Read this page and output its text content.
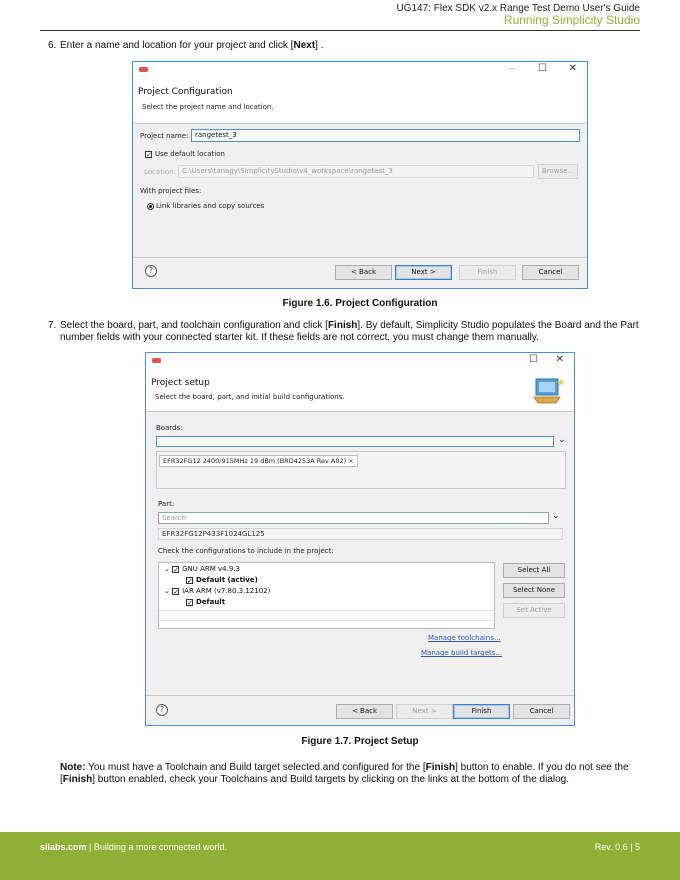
UG147: Flex SDK v2.x Range Test Demo User's Guide
Running Simplicity Studio
6. Enter a name and location for your project and click [Next] .
— ☐ ✕
Project Configuration
Select the project name and location.
Project name: rangetest_3
✓ Use default location
Location: C:\Users\tanagy\SimplicityStudio\v4_workspace\rangetest_3	Browse...
With project files:
Link libraries and copy sources
?	< Back	Next >	Finish	Cancel
Figure 1.6. Project Configuration
7. Select the board, part, and toolchain configuration and click [Finish]. By default, Simplicity Studio populates the Board and the Part number fields with your connected starter kit. If these fields are not correct, you must change them manually.
☐ ✕
Project setup
Select the board, part, and initial build configurations.
Boards:
⌄
EFR32FG12 2400/915MHz 19 dBm (BRD4253A Rev A02) ×
Part:
Search	⌄
EFR32FG12P433F1024GL125
Check the configurations to include in the project:
⌄ ✓ GNU ARM v4.9.3
✓ Default (active)
⌄ ✓ IAR ARM (v7.80.3.12102)
✓ Default
Select All
Select None
Set Active
Manage toolchains...
Manage build targets...
?	< Back	Next >	Finish	Cancel
Figure 1.7. Project Setup
Note: You must have a Toolchain and Build target selected and configured for the [Finish] button to enable. If you do not see the [Finish] button enabled, check your Toolchains and Build targets by clicking on the links at the bottom of the dialog.
silabs.com | Building a more connected world.	Rev. 0.6 | 5
